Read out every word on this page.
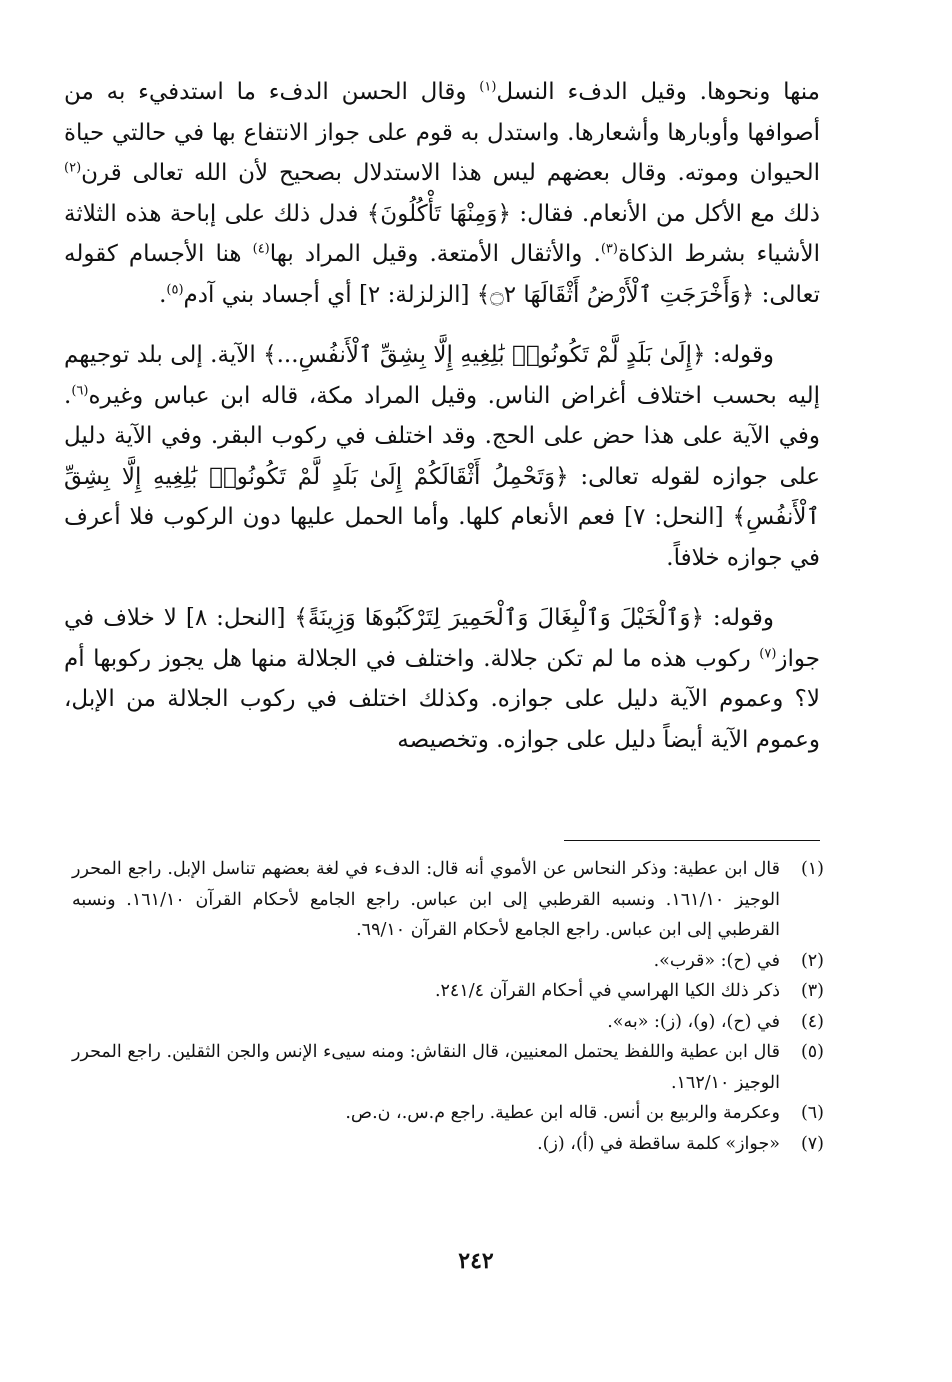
منها ونحوها. وقيل الدفء النسل$^{(١)}$ وقال الحسن الدفء ما استدفيء به من أصوافها وأوبارها وأشعارها. واستدل به قوم على جواز الانتفاع بها في حالتي حياة الحيوان وموته. وقال بعضهم ليس هذا الاستدلال بصحيح لأن الله تعالى قرن$^{(٢)}$ ذلك مع الأكل من الأنعام. فقال: ﴿وَمِنْهَا تَأْكُلُونَ﴾ فدل ذلك على إباحة هذه الثلاثة الأشياء بشرط الذكاة$^{(٣)}$. والأثقال الأمتعة. وقيل المراد بها$^{(٤)}$ هنا الأجسام كقوله تعالى: ﴿وَأَخْرَجَتِ ٱلْأَرْضُ أَثْقَالَهَا ۝٢﴾ [الزلزلة: ٢] أي أجساد بني آدم$^{(٥)}$.

وقوله: ﴿إِلَىٰ بَلَدٍ لَّمْ تَكُونُوا۟ بَٰلِغِيهِ إِلَّا بِشِقِّ ٱلْأَنفُسِ...﴾ الآية. إلى بلد توجيهم إليه بحسب اختلاف أغراض الناس. وقيل المراد مكة، قاله ابن عباس وغيره$^{(٦)}$. وفي الآية على هذا حض على الحج. وقد اختلف في ركوب البقر. وفي الآية دليل على جوازه لقوله تعالى: ﴿وَتَحْمِلُ أَثْقَالَكُمْ إِلَىٰ بَلَدٍ لَّمْ تَكُونُوا۟ بَٰلِغِيهِ إِلَّا بِشِقِّ ٱلْأَنفُسِ﴾ [النحل: ٧] فعم الأنعام كلها. وأما الحمل عليها دون الركوب فلا أعرف في جوازه خلافاً.

وقوله: ﴿وَٱلْخَيْلَ وَٱلْبِغَالَ وَٱلْحَمِيرَ لِتَرْكَبُوهَا وَزِينَةً﴾ [النحل: ٨] لا خلاف في جواز$^{(٧)}$ ركوب هذه ما لم تكن جلالة. واختلف في الجلالة منها هل يجوز ركوبها أم لا؟ وعموم الآية دليل على جوازه. وكذلك اختلف في ركوب الجلالة من الإبل، وعموم الآية أيضاً دليل على جوازه. وتخصيصه

(١)
قال ابن عطية: وذكر النحاس عن الأموي أنه قال: الدفء في لغة بعضهم تناسل الإبل. راجع المحرر الوجيز ١٦١/١٠. ونسبه القرطبي إلى ابن عباس. راجع الجامع لأحكام القرآن ١٦١/١٠. ونسبه القرطبي إلى ابن عباس. راجع الجامع لأحكام القرآن ٦٩/١٠.
(٢)
في (ح): «قرب».
(٣)
ذكر ذلك الكيا الهراسي في أحكام القرآن ٢٤١/٤.
(٤)
في (ح)، (و)، (ز): «به».
(٥)
قال ابن عطية واللفظ يحتمل المعنيين، قال النقاش: ومنه سيىء الإنس والجن الثقلين. راجع المحرر الوجيز ١٦٢/١٠.
(٦)
وعكرمة والربيع بن أنس. قاله ابن عطية. راجع م.س.، ن.ص.
(٧)
«جواز» كلمة ساقطة في (أ)، (ز).
٢٤٢
